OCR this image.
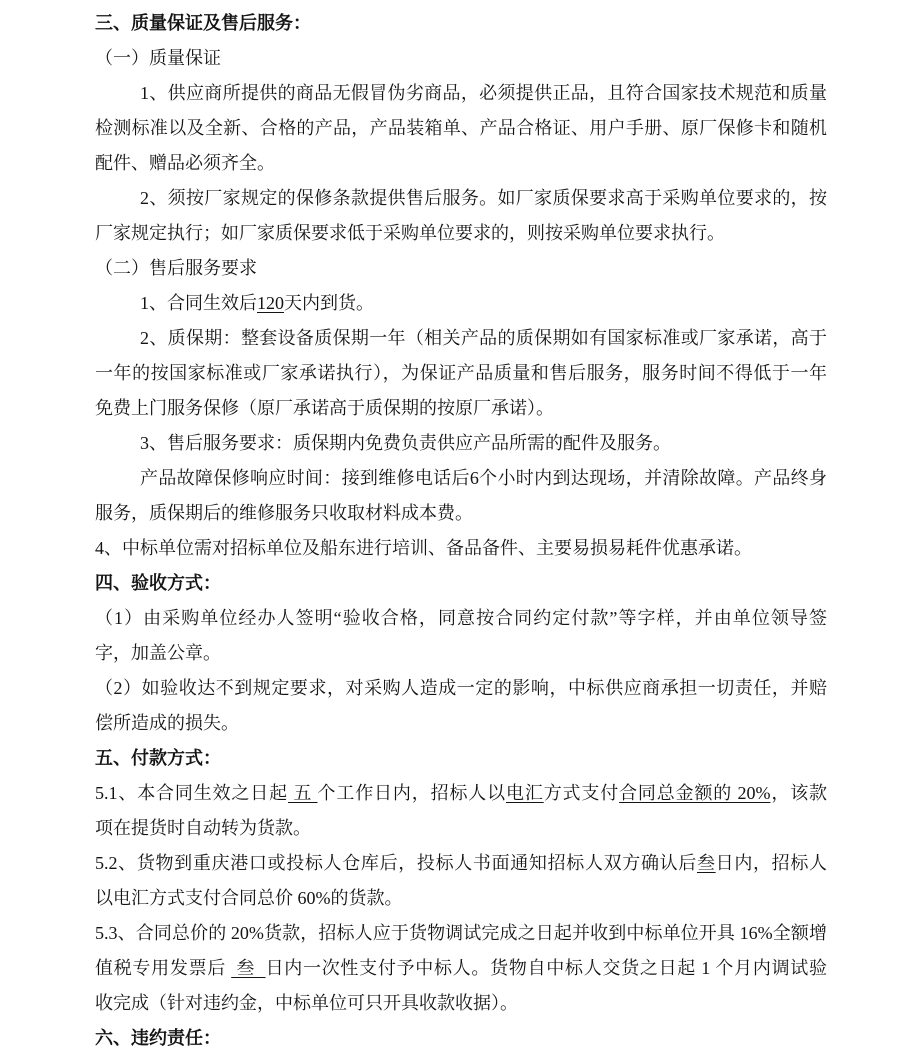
三、质量保证及售后服务：
（一）质量保证
1、供应商所提供的商品无假冒伪劣商品，必须提供正品，且符合国家技术规范和质量
检测标准以及全新、合格的产品，产品装箱单、产品合格证、用户手册、原厂保修卡和随机
配件、赠品必须齐全。
2、须按厂家规定的保修条款提供售后服务。如厂家质保要求高于采购单位要求的，按
厂家规定执行；如厂家质保要求低于采购单位要求的，则按采购单位要求执行。
（二）售后服务要求
1、合同生效后120天内到货。
2、质保期：整套设备质保期一年（相关产品的质保期如有国家标准或厂家承诺，高于
一年的按国家标准或厂家承诺执行），为保证产品质量和售后服务，服务时间不得低于一年
免费上门服务保修（原厂承诺高于质保期的按原厂承诺）。
3、售后服务要求：质保期内免费负责供应产品所需的配件及服务。
产品故障保修响应时间：接到维修电话后6个小时内到达现场，并清除故障。产品终身
服务，质保期后的维修服务只收取材料成本费。
4、中标单位需对招标单位及船东进行培训、备品备件、主要易损易耗件优惠承诺。
四、验收方式：
（1）由采购单位经办人签明“验收合格，同意按合同约定付款”等字样，并由单位领导签
字，加盖公章。
（2）如验收达不到规定要求，对采购人造成一定的影响，中标供应商承担一切责任，并赔
偿所造成的损失。
五、付款方式：
5.1、本合同生效之日起 五 个工作日内，招标人以电汇方式支付合同总金额的 20%，该款
项在提货时自动转为货款。
5.2、货物到重庆港口或投标人仓库后，投标人书面通知招标人双方确认后叁日内，招标人
以电汇方式支付合同总价 60%的货款。
5.3、合同总价的 20%货款，招标人应于货物调试完成之日起并收到中标单位开具 16%全额增
值税专用发票后  叁  日内一次性支付予中标人。货物自中标人交货之日起 1 个月内调试验
收完成（针对违约金，中标单位可只开具收款收据）。
六、违约责任：
